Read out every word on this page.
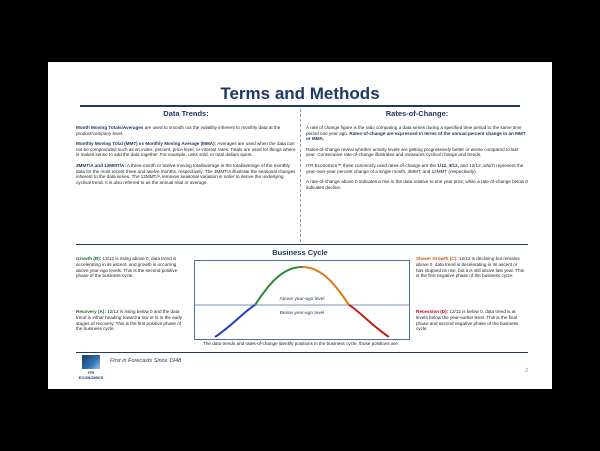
Terms and Methods
Data Trends:

Month Moving Totals/Averages are used to smooth out the volatility inherent to monthly data at the product/company level.

Monthly Moving Total (MMT) vs Monthly Moving Average (MMA): Averages are used when the data can not be compounded such as an index, percent, price level, or interest rates. Totals are used for things where is makes sense to add the data together. For example, units sold, or total dollars spent.

3MMT/A and 12MMT/A: A three-month or twelve-moving total/average is the total/average of the monthly data for the most recent three and twelve months, respectively. The 3MMT/A illustrate the seasonal changes inherent to the data series. The 12MMT/A removes seasonal variation in order to derive the underlying cyclical trend. It is also referred to as the annual total or average.

Rates-of-Change:

A rate of change figure is the ratio comparing a data series during a specified time period to the same time period one year ago. Rates-of-change are expressed in terms of the annual percent change in an MMT or MMA.

Rates-of-change reveal whether activity levels are getting progressively better or worse compared to last year. Consecutive rate-of-change illustrates and measures cyclical change and trends.

ITR Economics™ three commonly used rates-of-change are the 1/12, 3/12, and 12/12, which represent the year-over-year percent change of a single month, 3MMT, and 12MMT (respectively).

A rate-of-change above 0 indicates a rise in the data relative to one year prior, while a rate-of-change below 0 indicates decline.

Business Cycle
Growth (B): 12/12 is rising above 0, data trend is accelerating in its ascent, and growth is occurring above year-ago levels. This is the second positive phase of the business cycle.
Recovery (A): 12/12 is rising below 0 and the data trend is either heading toward a low or is in the early stages of recovery. This is the first positive phase of the business cycle.
Slower Growth (C): 12/12 is declining but remains above 0, data trend is decelerating in its ascent or has stopped its rise, but it is still above last year. This is the first negative phase of the business cycle.
Recession (D): 12/12 is below 0, data trend is at levels below the year-earlier level. This is the final phase and second negative phase of the business cycle.
Above year-ago level
Below year-ago level
The data trends and rates-of-change identify positions in the business cycle, those positions are:
ITR ECONOMICS
First in Forecasts Since 1948
2
